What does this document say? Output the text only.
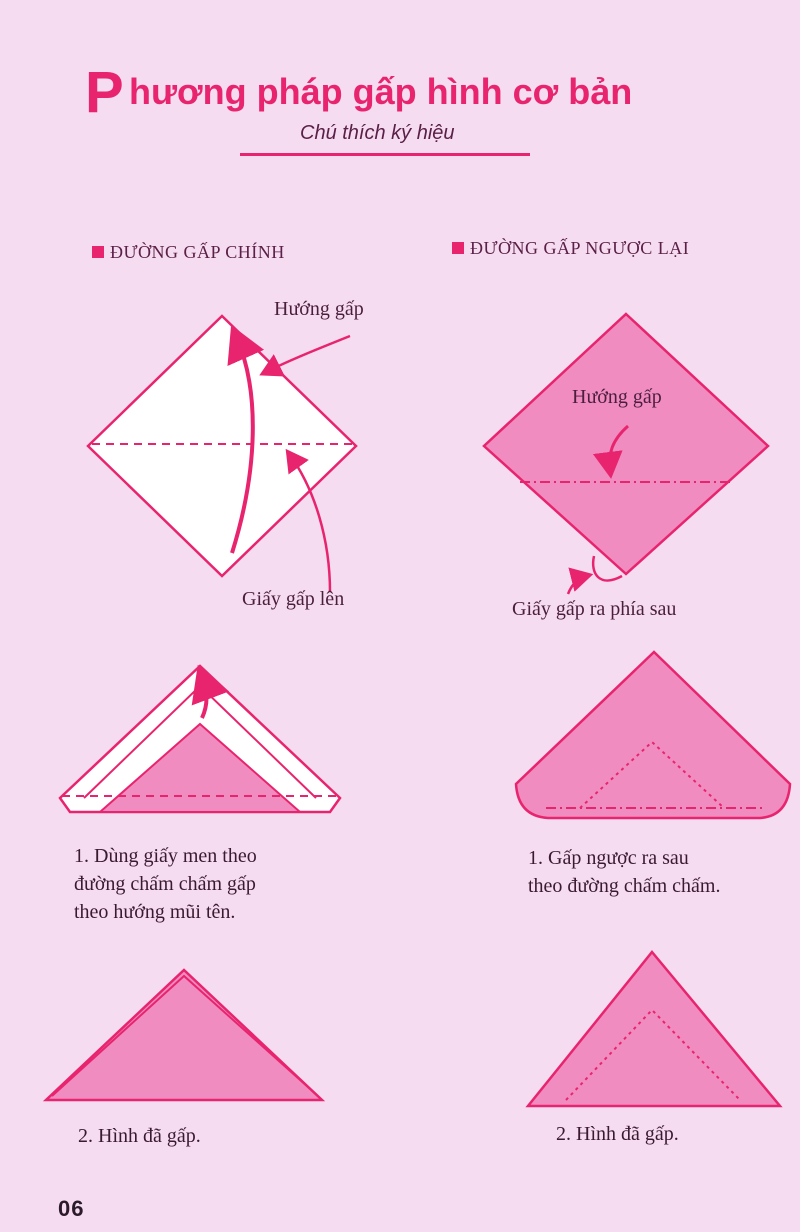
P hương pháp gấp hình cơ bản
Chú thích ký hiệu
ĐƯỜNG GẤP CHÍNH	ĐƯỜNG GẤP NGƯỢC LẠI
Hướng gấp
Giấy gấp lên
Hướng gấp
Giấy gấp ra phía sau
1. Dùng giấy men theo
đường chấm chấm gấp
theo hướng mũi tên.
2. Hình đã gấp.
1. Gấp ngược ra sau
theo đường chấm chấm.
2. Hình đã gấp.
06
